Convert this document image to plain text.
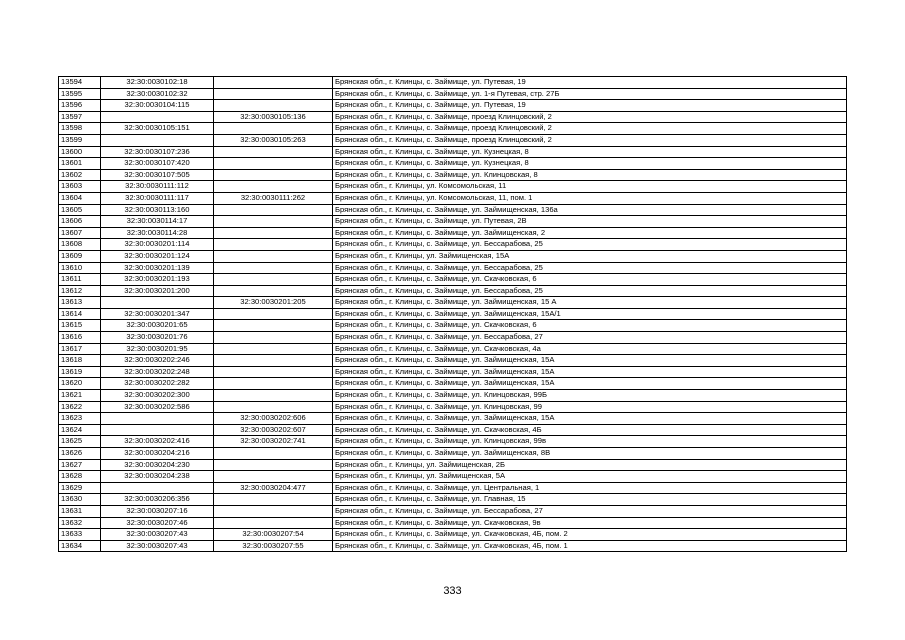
13594	32:30:0030102:18		Брянская обл., г. Клинцы, с. Займище, ул. Путевая, 19
13595	32:30:0030102:32		Брянская обл., г. Клинцы, с. Займище, ул. 1-я Путевая, стр. 27Б
13596	32:30:0030104:115		Брянская обл., г. Клинцы, с. Займище, ул. Путевая, 19
13597		32:30:0030105:136	Брянская обл., г. Клинцы, с. Займище, проезд Клинцовский, 2
13598	32:30:0030105:151		Брянская обл., г. Клинцы, с. Займище, проезд Клинцовский, 2
13599		32:30:0030105:263	Брянская обл., г. Клинцы, с. Займище, проезд Клинцовский, 2
13600	32:30:0030107:236		Брянская обл., г. Клинцы, с. Займище, ул. Кузнецкая, 8
13601	32:30:0030107:420		Брянская обл., г. Клинцы, с. Займище, ул. Кузнецкая, 8
13602	32:30:0030107:505		Брянская обл., г. Клинцы, с. Займище, ул. Клинцовская, 8
13603	32:30:0030111:112		Брянская обл., г. Клинцы, ул. Комсомольская, 11
13604	32:30:0030111:117	32:30:0030111:262	Брянская обл., г. Клинцы, ул. Комсомольская, 11, пом. 1
13605	32:30:0030113:160		Брянская обл., г. Клинцы, с. Займище, ул. Займищенская, 136а
13606	32:30:0030114:17		Брянская обл., г. Клинцы, с. Займище, ул. Путевая, 2В
13607	32:30:0030114:28		Брянская обл., г. Клинцы, с. Займище, ул. Займищенская, 2
13608	32:30:0030201:114		Брянская обл., г. Клинцы, с. Займище, ул. Бессарабова, 25
13609	32:30:0030201:124		Брянская обл., г. Клинцы, ул. Займищенская, 15А
13610	32:30:0030201:139		Брянская обл., г. Клинцы, с. Займище, ул. Бессарабова, 25
13611	32:30:0030201:193		Брянская обл., г. Клинцы, с. Займище, ул. Скачковская, 6
13612	32:30:0030201:200		Брянская обл., г. Клинцы, с. Займище, ул. Бессарабова, 25
13613		32:30:0030201:205	Брянская обл., г. Клинцы, с. Займище, ул. Займищенская, 15 А
13614	32:30:0030201:347		Брянская обл., г. Клинцы, с. Займище, ул. Займищенская, 15А/1
13615	32:30:0030201:65		Брянская обл., г. Клинцы, с. Займище, ул. Скачковская, 6
13616	32:30:0030201:76		Брянская обл., г. Клинцы, с. Займище, ул. Бессарабова, 27
13617	32:30:0030201:95		Брянская обл., г. Клинцы, с. Займище, ул. Скачковская, 4а
13618	32:30:0030202:246		Брянская обл., г. Клинцы, с. Займище, ул. Займищенская, 15А
13619	32:30:0030202:248		Брянская обл., г. Клинцы, с. Займище, ул. Займищенская, 15А
13620	32:30:0030202:282		Брянская обл., г. Клинцы, с. Займище, ул. Займищенская, 15А
13621	32:30:0030202:300		Брянская обл., г. Клинцы, с. Займище, ул. Клинцовская, 99Б
13622	32:30:0030202:586		Брянская обл., г. Клинцы, с. Займище, ул. Клинцовская, 99
13623		32:30:0030202:606	Брянская обл., г. Клинцы, с. Займище, ул. Займищенская, 15А
13624		32:30:0030202:607	Брянская обл., г. Клинцы, с. Займище, ул. Скачковская, 4Б
13625	32:30:0030202:416	32:30:0030202:741	Брянская обл., г. Клинцы, с. Займище, ул. Клинцовская, 99в
13626	32:30:0030204:216		Брянская обл., г. Клинцы, с. Займище, ул. Займищенская, 8В
13627	32:30:0030204:230		Брянская обл., г. Клинцы, ул. Займищенская, 2Б
13628	32:30:0030204:238		Брянская обл., г. Клинцы, ул. Займищенская, 5А
13629		32:30:0030204:477	Брянская обл., г. Клинцы, с. Займище, ул. Центральная, 1
13630	32:30:0030206:356		Брянская обл., г. Клинцы, с. Займище, ул. Главная, 15
13631	32:30:0030207:16		Брянская обл., г. Клинцы, с. Займище, ул. Бессарабова, 27
13632	32:30:0030207:46		Брянская обл., г. Клинцы, с. Займище, ул. Скачковская, 9в
13633	32:30:0030207:43	32:30:0030207:54	Брянская обл., г. Клинцы, с. Займище, ул. Скачковская, 4Б, пом. 2
13634	32:30:0030207:43	32:30:0030207:55	Брянская обл., г. Клинцы, с. Займище, ул. Скачковская, 4Б, пом. 1
333
